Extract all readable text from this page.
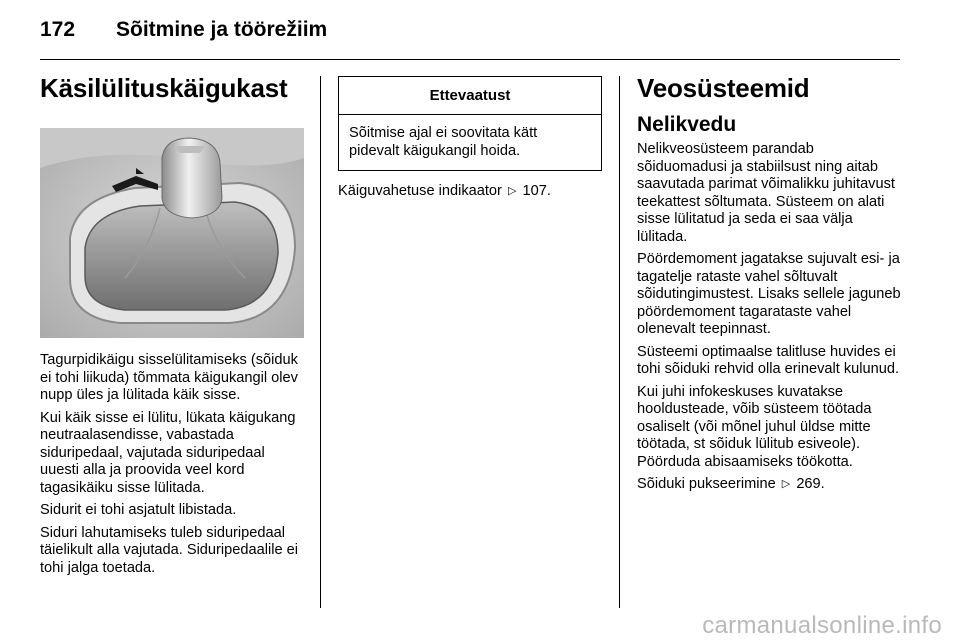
172 Sõitmine ja töörežiim
Käsilülituskäigukast

Tagurpidikäigu sisselülitamiseks (sõiduk ei tohi liikuda) tõmmata käigukangil olev nupp üles ja lülitada käik sisse.

Kui käik sisse ei lülitu, lükata käigukang neutraalasendisse, vabastada siduripedaal, vajutada siduripedaal uuesti alla ja proovida veel kord tagasikäiku sisse lülitada.

Sidurit ei tohi asjatult libistada.

Siduri lahutamiseks tuleb siduripedaal täielikult alla vajutada. Siduripedaalile ei tohi jalga toetada.

Ettevaatust
Sõitmise ajal ei soovitata kätt pidevalt käigukangil hoida.

Käiguvahetuse indikaator ▷ 107.

Veosüsteemid
Nelikvedu

Nelikveosüsteem parandab sõiduomadusi ja stabiilsust ning aitab saavutada parimat võimalikku juhitavust teekattest sõltumata. Süsteem on alati sisse lülitatud ja seda ei saa välja lülitada.

Pöördemoment jagatakse sujuvalt esi- ja tagatelje rataste vahel sõltuvalt sõidutingimustest. Lisaks sellele jaguneb pöördemoment tagarataste vahel olenevalt teepinnast.

Süsteemi optimaalse talitluse huvides ei tohi sõiduki rehvid olla erinevalt kulunud.

Kui juhi infokeskuses kuvatakse hooldusteade, võib süsteem töötada osaliselt (või mõnel juhul üldse mitte töötada, st sõiduk lülitub esiveole). Pöörduda abisaamiseks töökotta.

Sõiduki pukseerimine ▷ 269.

carmanualsonline.info
